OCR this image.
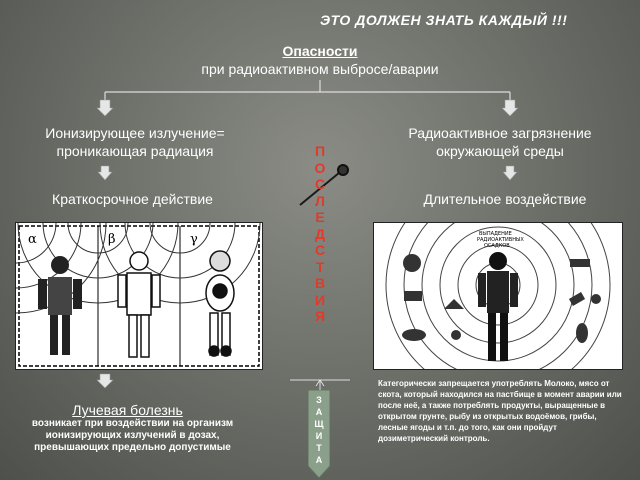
ЭТО ДОЛЖЕН ЗНАТЬ КАЖДЫЙ !!!
Опасности
при радиоактивном выбросе/аварии
Ионизирующее излучение=
проникающая радиация
Радиоактивное загрязнение
окружающей среды
Краткосрочное действие	Длительное воздействие
П
О
С
Л
Е
Д
С
Т
В
И
Я
α	β	γ	ВЫПАДЕНИЕ
РАДИОАКТИВНЫХ
ОСАДКОВ
Лучевая болезнь
возникает при воздействии на организм
ионизирующих излучений в дозах,
превышающих предельно допустимые
З
А
Щ
И
Т
А
Категорически запрещается употреблять Молоко, мясо от скота, который находился на пастбище в момент аварии или после неё, а также потреблять продукты, выращенные в открытом грунте, рыбу из открытых водоёмов, грибы, лесные ягоды и т.п. до того, как они пройдут дозиметрический контроль.
